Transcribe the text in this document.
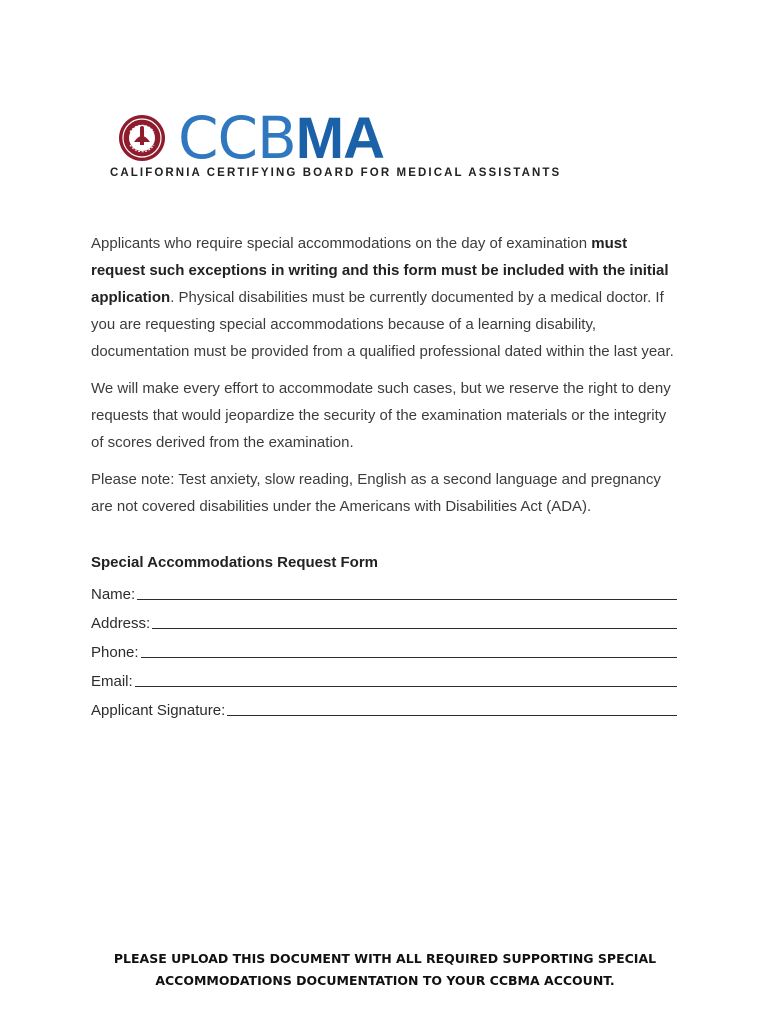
CCBMA
CALIFORNIA CERTIFYING BOARD FOR MEDICAL ASSISTANTS

Applicants who require special accommodations on the day of examination must request such exceptions in writing and this form must be included with the initial application. Physical disabilities must be currently documented by a medical doctor. If you are requesting special accommodations because of a learning disability, documentation must be provided from a qualified professional dated within the last year.

We will make every effort to accommodate such cases, but we reserve the right to deny requests that would jeopardize the security of the examination materials or the integrity of scores derived from the examination.

Please note: Test anxiety, slow reading, English as a second language and pregnancy are not covered disabilities under the Americans with Disabilities Act (ADA).

Special Accommodations Request Form
Name:
Address:
Phone:
Email:
Applicant Signature:
PLEASE UPLOAD THIS DOCUMENT WITH ALL REQUIRED SUPPORTING SPECIAL
ACCOMMODATIONS DOCUMENTATION TO YOUR CCBMA ACCOUNT.
